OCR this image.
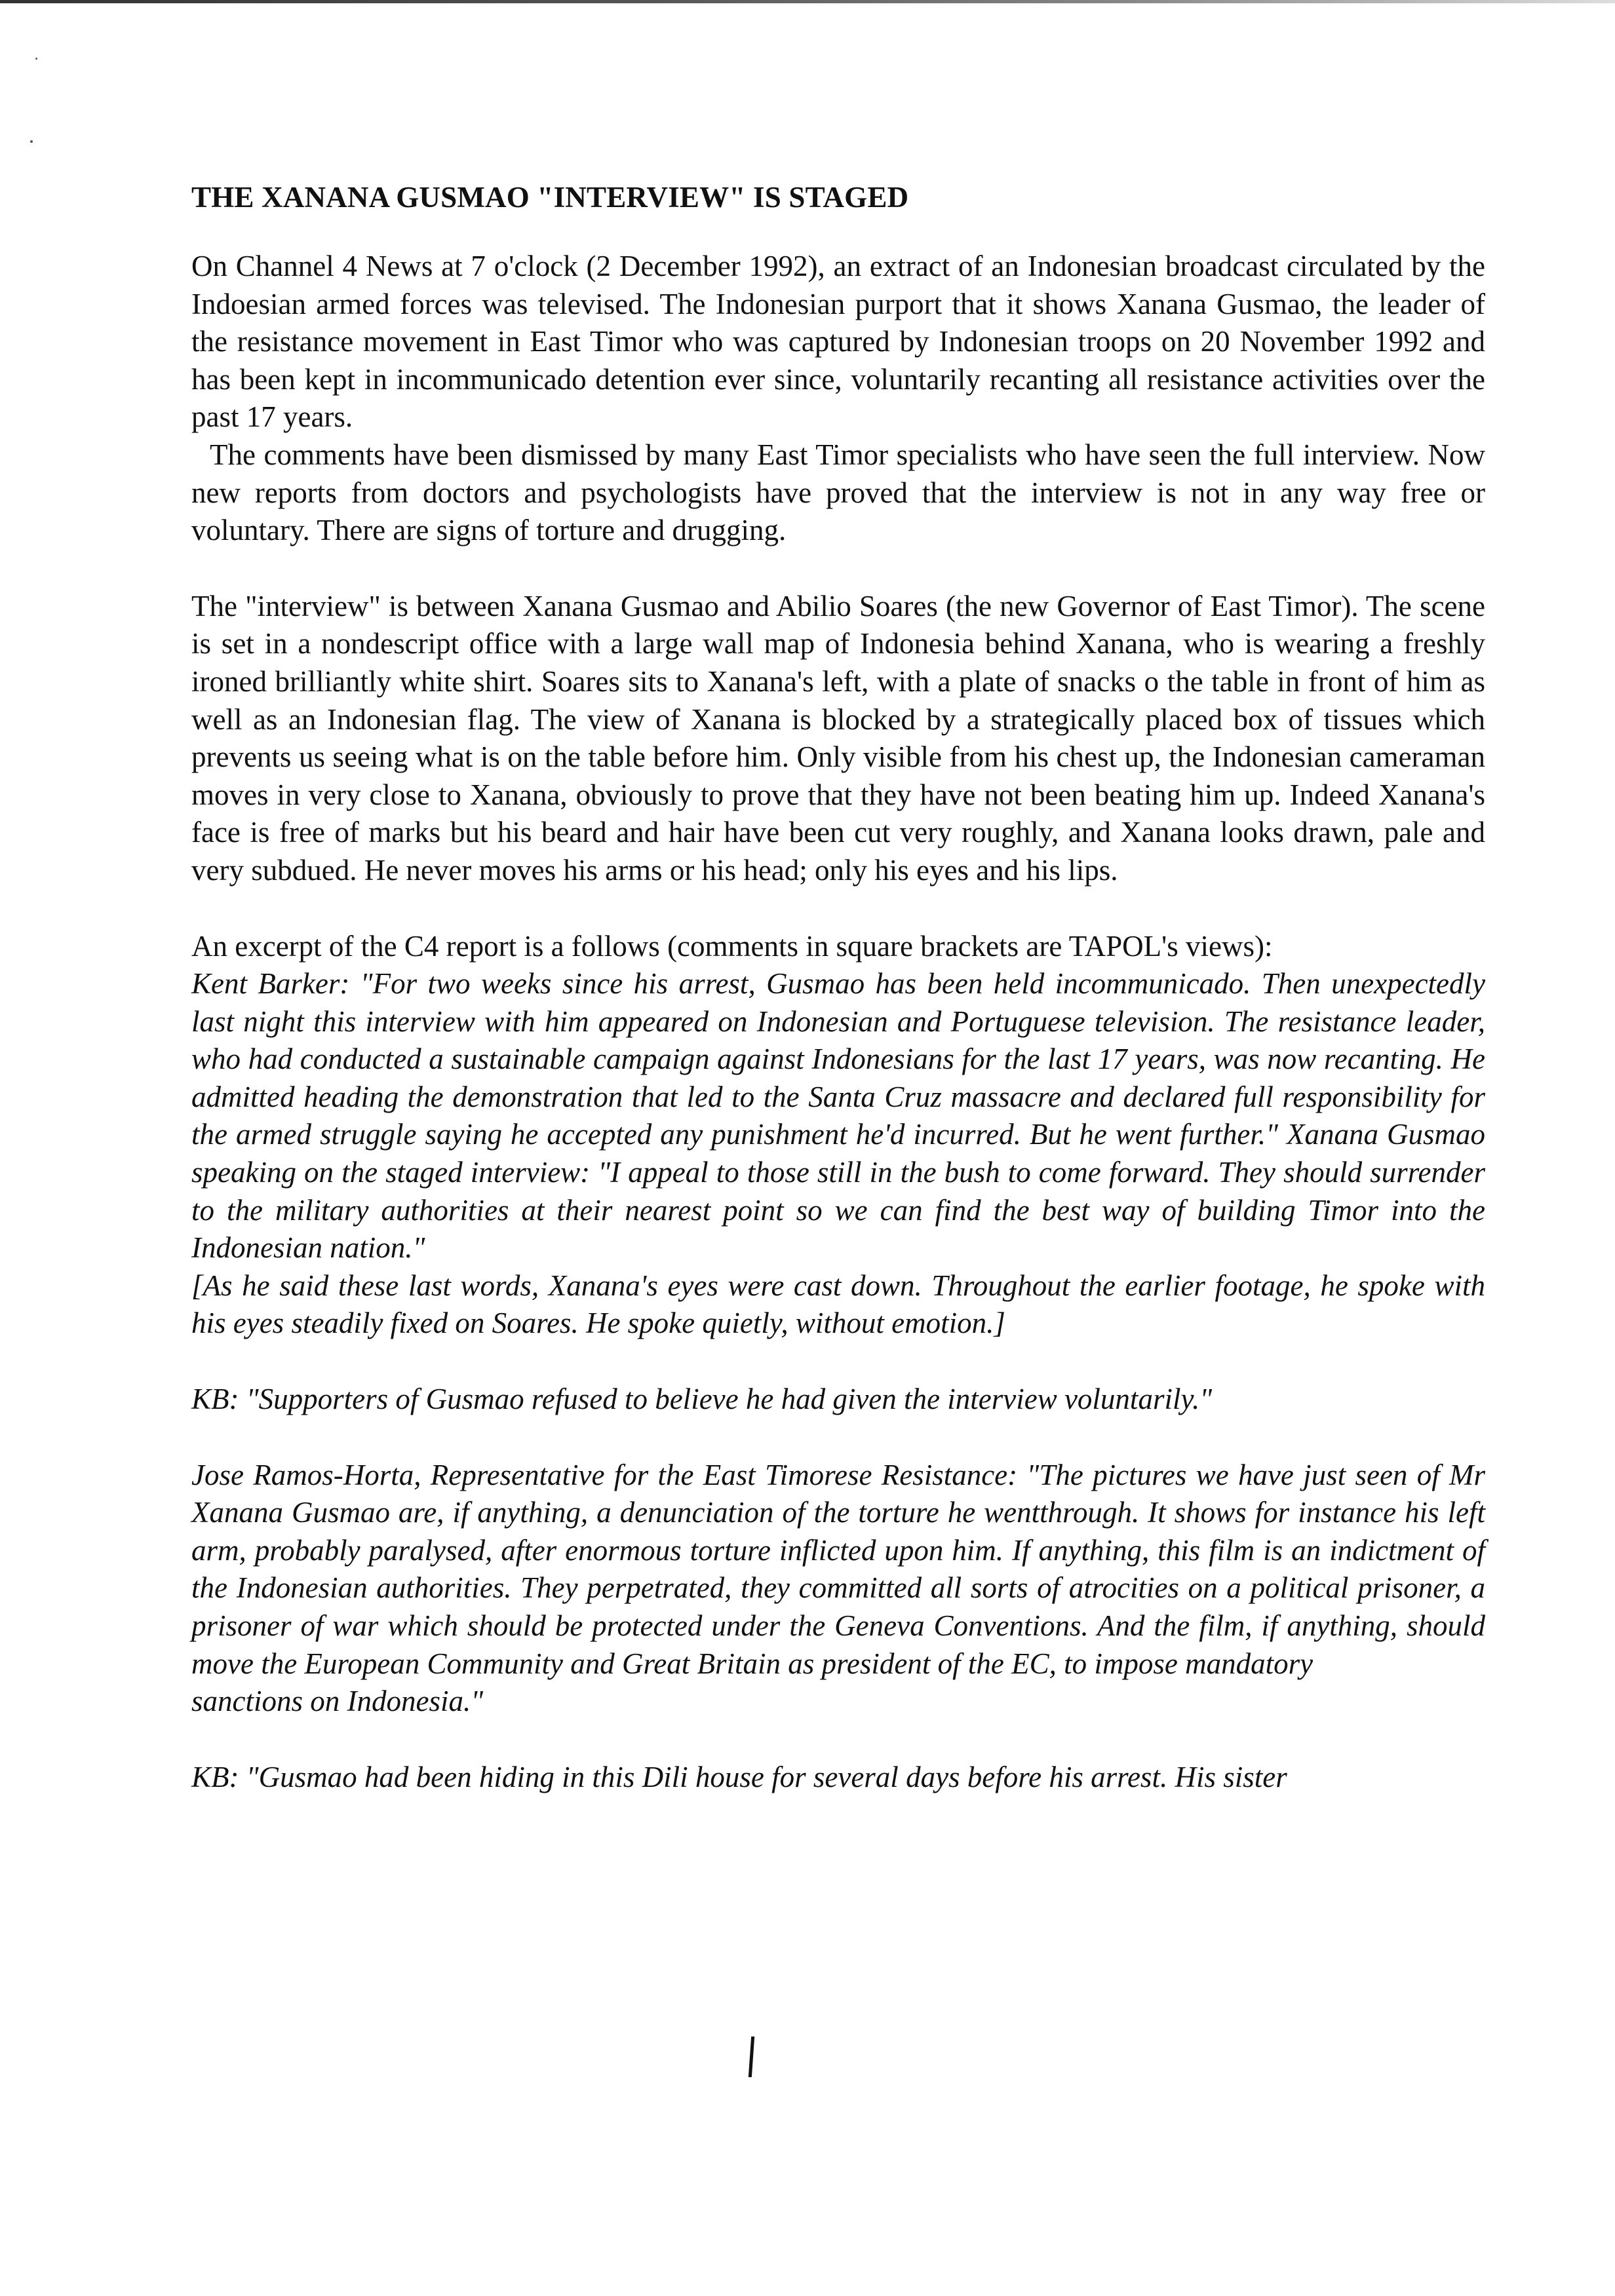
THE XANANA GUSMAO "INTERVIEW" IS STAGED

On Channel 4 News at 7 o'clock (2 December 1992), an extract of an Indonesian broadcast circulated by the Indoesian armed forces was televised. The Indonesian purport that it shows Xanana Gusmao, the leader of the resistance movement in East Timor who was captured by Indonesian troops on 20 November 1992 and has been kept in incommunicado detention ever since, voluntarily recanting all resistance activities over the past 17 years.

The comments have been dismissed by many East Timor specialists who have seen the full interview. Now new reports from doctors and psychologists have proved that the interview is not in any way free or voluntary. There are signs of torture and drugging.

The "interview" is between Xanana Gusmao and Abilio Soares (the new Governor of East Timor). The scene is set in a nondescript office with a large wall map of Indonesia behind Xanana, who is wearing a freshly ironed brilliantly white shirt. Soares sits to Xanana's left, with a plate of snacks o the table in front of him as well as an Indonesian flag. The view of Xanana is blocked by a strategically placed box of tissues which prevents us seeing what is on the table before him. Only visible from his chest up, the Indonesian cameraman moves in very close to Xanana, obviously to prove that they have not been beating him up. Indeed Xanana's face is free of marks but his beard and hair have been cut very roughly, and Xanana looks drawn, pale and very subdued. He never moves his arms or his head; only his eyes and his lips.

An excerpt of the C4 report is a follows (comments in square brackets are TAPOL's views):

Kent Barker: "For two weeks since his arrest, Gusmao has been held incommunicado. Then unexpectedly last night this interview with him appeared on Indonesian and Portuguese television. The resistance leader, who had conducted a sustainable campaign against Indonesians for the last 17 years, was now recanting. He admitted heading the demonstration that led to the Santa Cruz massacre and declared full responsibility for the armed struggle saying he accepted any punishment he'd incurred. But he went further." Xanana Gusmao speaking on the staged interview: "I appeal to those still in the bush to come forward. They should surrender to the military authorities at their nearest point so we can find the best way of building Timor into the Indonesian nation."

[As he said these last words, Xanana's eyes were cast down. Throughout the earlier footage, he spoke with his eyes steadily fixed on Soares. He spoke quietly, without emotion.]

KB: "Supporters of Gusmao refused to believe he had given the interview voluntarily."

Jose Ramos-Horta, Representative for the East Timorese Resistance: "The pictures we have just seen of Mr Xanana Gusmao are, if anything, a denunciation of the torture he wentthrough. It shows for instance his left arm, probably paralysed, after enormous torture inflicted upon him. If anything, this film is an indictment of the Indonesian authorities. They perpetrated, they committed all sorts of atrocities on a political prisoner, a prisoner of war which should be protected under the Geneva Conventions. And the film, if anything, should move the European Community and Great Britain as president of the EC, to impose mandatory

sanctions on Indonesia."

KB: "Gusmao had been hiding in this Dili house for several days before his arrest. His sister
